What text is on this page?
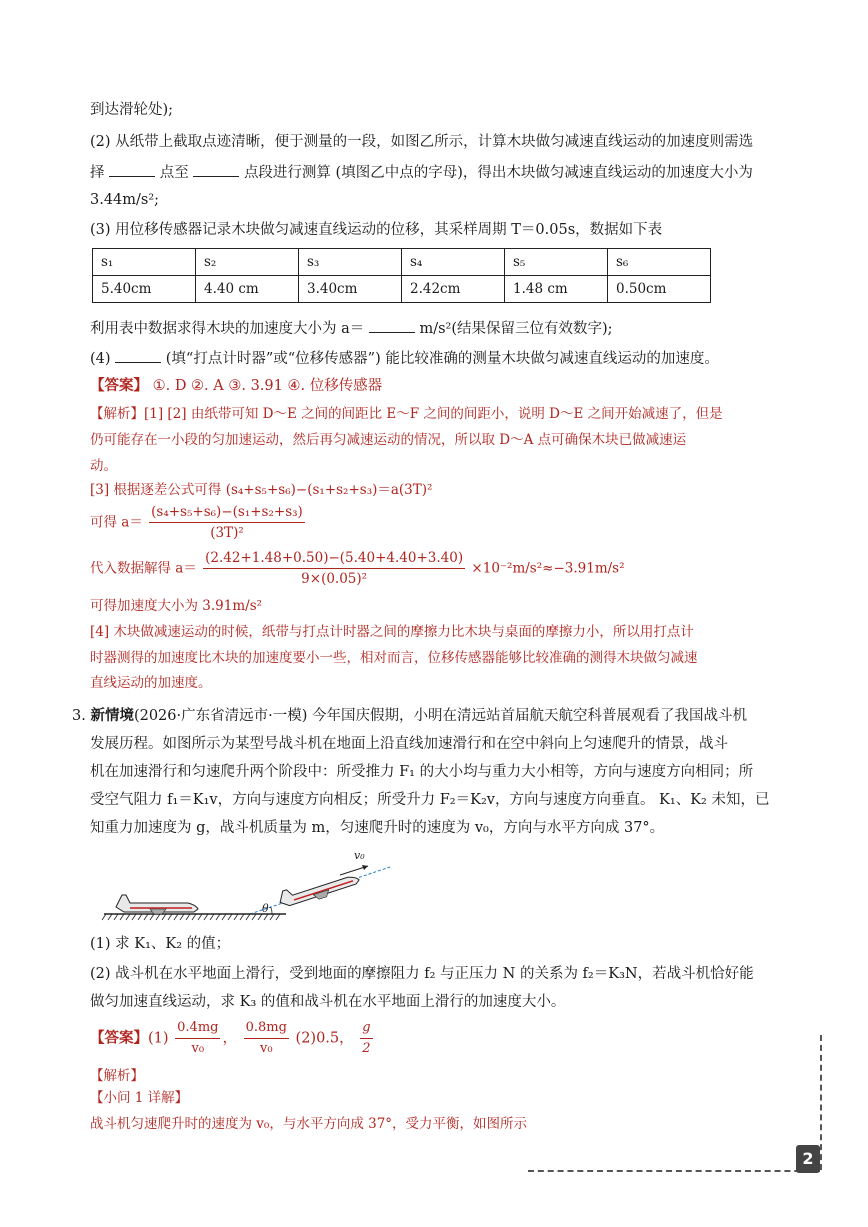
到达滑轮处);
(2) 从纸带上截取点迹清晰，便于测量的一段，如图乙所示，计算木块做匀减速直线运动的加速度则需选
择	点至	点段进行测算 (填图乙中点的字母)，得出木块做匀减速直线运动的加速度大小为
3.44m/s²;
(3) 用位移传感器记录木块做匀减速直线运动的位移，其采样周期 T＝0.05s，数据如下表
s₁	s₂	s₃	s₄	s₅	s₆
5.40cm	4.40 cm	3.40cm	2.42cm	1.48 cm	0.50cm
利用表中数据求得木块的加速度大小为 a＝	m/s²(结果保留三位有效数字);
(4)	(填“打点计时器”或“位移传感器”) 能比较准确的测量木块做匀减速直线运动的加速度。
【答案】 ①. D ②. A ③. 3.91 ④. 位移传感器
【解析】[1] [2] 由纸带可知 D～E 之间的间距比 E～F 之间的间距小，说明 D～E 之间开始减速了，但是
仍可能存在一小段的匀加速运动，然后再匀减速运动的情况，所以取 D～A 点可确保木块已做减速运
动。
[3] 根据逐差公式可得 (s₄+s₅+s₆)−(s₁+s₂+s₃)＝a(3T)²
可得 $a= \frac{\text{(s₄+s₅+s₆)−(s₁+s₂+s₃)}}{\text{(3T)²}}$
代入数据解得 $a= \frac{(2.42+1.48+0.50)-(5.40+4.40+3.40)}{\text{9×(0.05)²}} \times 10^{-2}m/s^2\approx-3.91m/s^2$
可得加速度大小为 3.91m/s²
[4] 木块做减速运动的时候，纸带与打点计时器之间的摩擦力比木块与桌面的摩擦力小，所以用打点计
时器测得的加速度比木块的加速度要小一些，相对而言，位移传感器能够比较准确的测得木块做匀减速
直线运动的加速度。
3. 新情境(2026·广东省清远市·一模) 今年国庆假期，小明在清远站首届航天航空科普展观看了我国战斗机
发展历程。如图所示为某型号战斗机在地面上沿直线加速滑行和在空中斜向上匀速爬升的情景，战斗
机在加速滑行和匀速爬升两个阶段中：所受推力 F₁ 的大小均与重力大小相等，方向与速度方向相同；所
受空气阻力 f₁＝K₁v，方向与速度方向相反；所受升力 F₂＝K₂v，方向与速度方向垂直。 K₁、K₂ 未知，已
知重力加速度为 g，战斗机质量为 m，匀速爬升时的速度为 v₀，方向与水平方向成 37°。
θ
v₀
(1) 求 K₁、K₂ 的值；
(2) 战斗机在水平地面上滑行，受到地面的摩擦阻力 f₂ 与正压力 N 的关系为 f₂＝K₃N，若战斗机恰好能
做匀加速直线运动，求 K₃ 的值和战斗机在水平地面上滑行的加速度大小。
【答案】$(1) \frac{0.4mg}{\text{v₀}}$ ， $\frac{0.8mg}{\text{v₀}} (2)0.5$， $\frac{g}{2}$
【解析】
【小问 1 详解】
战斗机匀速爬升时的速度为 v₀，与水平方向成 37°，受力平衡，如图所示
2
